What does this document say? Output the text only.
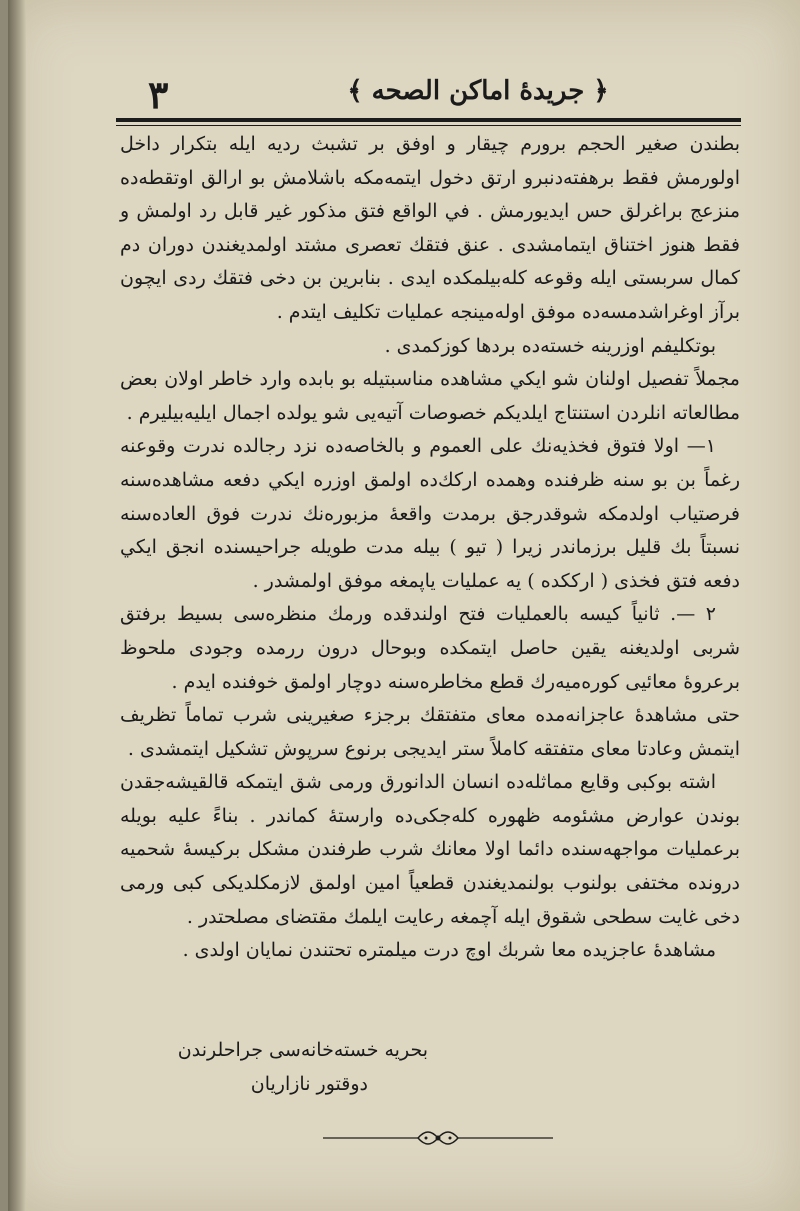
٣	﴿ جريدهٔ اماكن الصحه ﴾

بطندن صغير الحجم برورم چيقار و اوفق بر تشبث رديه ايله بتكرار داخل اولورمش فقط برهفته‌دنبرو ارتق دخول ايتمه‌مكه باشلامش بو ارالق اوتقطه‌ده منزعج براغرلق حس ايديورمش . في الواقع فتق مذكور غير قابل رد اولمش و فقط هنوز اختناق ايتمامشدى . عنق فتقك تعصرى مشتد اولمديغندن دوران دم كمال سربستى ايله وقوعه كله‌بيلمكده ايدى . بنابرين بن دخى فتقك ردى ايچون برآز اوغراشدمسه‌ده موفق اوله‌مينجه عمليات تكليف ايتدم .

بوتكليفم اوزرينه خسته‌ده بردها كوزكمدى .

مجملاً تفصيل اولنان شو ايكي مشاهده مناسبتيله بو بابده وارد خاطر اولان بعض مطالعاته انلردن استنتاج ايلديكم خصوصات آتيه‌يى شو يولده اجمال ايليه‌بيليرم .

١— اولا فتوق فخذيه‌نك على العموم و بالخاصه‌ده نزد رجالده ندرت وقوعنه رغماً بن بو سنه ظرفنده وهمده اركك‌ده اولمق اوزره ايكي دفعه مشاهده‌سنه فرصتياب اولدمكه شوقدرجق برمدت واقعهٔ مزبوره‌نك ندرت فوق العاده‌سنه نسبتاً بك قليل برزماندر زيرا ( تيو ) بيله مدت طويله جراحيسنده انجق ايكي دفعه فتق فخذى ( ارككده ) يه عمليات ياپمغه موفق اولمشدر .

٢ —. ثانياً كيسه بالعمليات فتح اولندقده ورمك منظره‌سى بسيط برفتق شربى اولديغنه يقين حاصل ايتمكده وبوحال درون ررمده وجودى ملحوظ برعروهٔ معائيى كوره‌ميه‌رك قطع مخاطره‌سنه دوچار اولمق خوفنده ايدم .

حتى مشاهدهٔ عاجزانه‌مده معاى متفتقك برجزء صغيرينى شرب تماماً تظريف ايتمش وعادتا معاى متفتقه كاملاً ستر ايدیجى برنوع سرپوش تشكيل ايتمشدى .

اشته بوكبى وقايع مماثله‌ده انسان الدانورق ورمى شق ايتمكه قالقيشه‌جقدن بوندن عوارض مشئومه ظهوره كله‌جكى‌ده وارستهٔ كماندر . بناءً عليه بويله برعمليات مواجهه‌سنده دائما اولا معانك شرب طرفندن مشكل بركيسهٔ شحميه درونده مختفى بولنوب بولنمديغندن قطعياً امين اولمق لازمكلديكى كبى ورمى دخى غايت سطحى شقوق ايله آچمغه رعايت ايلمك مقتضاى مصلحتدر .

مشاهدهٔ عاجزيده معا شربك اوچ درت ميلمتره تحتندن نمايان اولدى .

بحريه خسته‌خانه‌سى جراحلرندن
دوقتور نازاريان
